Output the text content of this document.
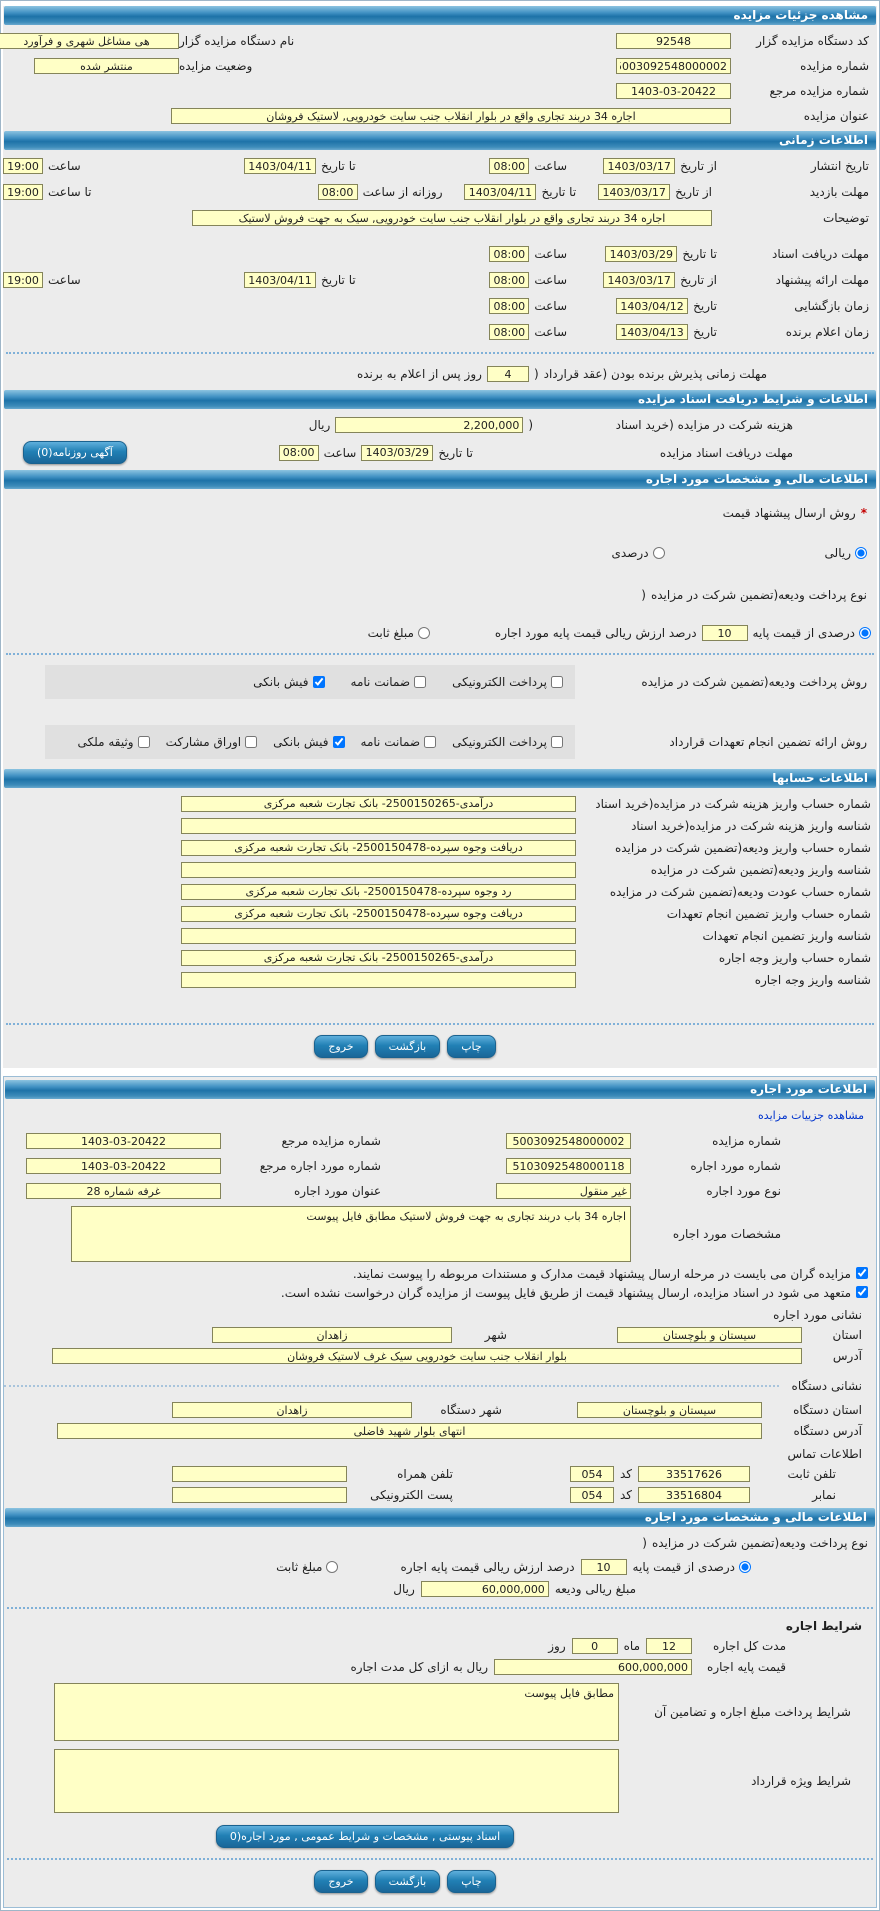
مشاهده جزئیات مزایده
کد دستگاه مزایده گزار
92548
نام دستگاه مزایده گزار
هی مشاغل شهری و فرآورد
شماره مزایده
5003092548000002
وضعیت مزایده
منتشر شده
شماره مزایده مرجع
1403-03-20422
عنوان مزایده
اجاره 34 دربند تجاری واقع در بلوار انقلاب جنب سایت خودرویی, لاستیک فروشان
اطلاعات زمانی
تاریخ انتشار
از تاریخ
1403/03/17
ساعت
08:00
تا تاریخ
1403/04/11
ساعت
19:00
مهلت بازدید
از تاریخ
1403/03/17
تا تاریخ
1403/04/11
روزانه از ساعت
08:00
تا ساعت
19:00
توضیحات
اجاره 34 دربند تجاری واقع در بلوار انقلاب جنب سایت خودرویی, سیک به جهت فروش لاستیک
مهلت دریافت اسناد
تا تاریخ
1403/03/29
ساعت
08:00
مهلت ارائه پیشنهاد
از تاریخ
1403/03/17
ساعت
08:00
تا تاریخ
1403/04/11
ساعت
19:00
زمان بازگشایی
تاریخ
1403/04/12
ساعت
08:00
زمان اعلام برنده
تاریخ
1403/04/13
ساعت
08:00
مهلت زمانی پذیرش برنده بودن (عقد قرارداد
(
4
روز پس از اعلام به برنده
اطلاعات و شرایط دریافت اسناد مزایده
هزینه شرکت در مزایده (خرید اسناد
(
2,200,000
ریال
مهلت دریافت اسناد مزایده
تا تاریخ
1403/03/29
ساعت
08:00
آگهی روزنامه(0)
اطلاعات مالی و مشخصات مورد اجاره
*
روش ارسال پیشنهاد قیمت
ریالی
درصدی
نوع پرداخت ودیعه(تضمین شرکت در مزایده
(
درصدی از قیمت پایه
10
درصد ارزش ریالی قیمت پایه مورد اجاره
مبلغ ثابت
روش پرداخت ودیعه(تضمین شرکت در مزایده
پرداخت الکترونیکی
ضمانت نامه
فیش بانکی
روش ارائه تضمین انجام تعهدات قرارداد
پرداخت الکترونیکی
ضمانت نامه
فیش بانکی
اوراق مشارکت
وثیقه ملکی
اطلاعات حسابها
شماره حساب واریز هزینه شرکت در مزایده(خرید اسناد
درآمدی-2500150265- بانک تجارت شعبه مرکزی
شناسه واریز هزینه شرکت در مزایده(خرید اسناد
شماره حساب واریز ودیعه(تضمین شرکت در مزایده
دریافت وجوه سپرده-2500150478- بانک تجارت شعبه مرکزی
شناسه واریز ودیعه(تضمین شرکت در مزایده
شماره حساب عودت ودیعه(تضمین شرکت در مزایده
رد وجوه سپرده-2500150478- بانک تجارت شعبه مرکزی
شماره حساب واریز تضمین انجام تعهدات
دریافت وجوه سپرده-2500150478- بانک تجارت شعبه مرکزی
شناسه واریز تضمین انجام تعهدات
شماره حساب واریز وجه اجاره
درآمدی-2500150265- بانک تجارت شعبه مرکزی
شناسه واریز وجه اجاره
چاپ
بازگشت
خروج
اطلاعات مورد اجاره
مشاهده جزییات مزایده
شماره مزایده
5003092548000002
شماره مزایده مرجع
1403-03-20422
شماره مورد اجاره
5103092548000118
شماره مورد اجاره مرجع
1403-03-20422
نوع مورد اجاره
غیر منقول
عنوان مورد اجاره
غرفه شماره 28
مشخصات مورد اجاره
اجاره 34 باب دربند تجاری به جهت فروش لاستیک مطابق فایل پیوست
مزایده گران می بایست در مرحله ارسال پیشنهاد قیمت مدارک و مستندات مربوطه را پیوست نمایند.
متعهد می شود در اسناد مزایده، ارسال پیشنهاد قیمت از طریق فایل پیوست از مزایده گران درخواست نشده است.
نشانی مورد اجاره
استان
سیستان و بلوچستان
شهر
زاهدان
آدرس
بلوار انقلاب جنب سایت خودرویی سیک غرف لاستیک فروشان
نشانی دستگاه
استان دستگاه
سیستان و بلوچستان
شهر دستگاه
زاهدان
آدرس دستگاه
انتهای بلوار شهید فاضلی
اطلاعات تماس
تلفن ثابت
33517626
کد
054
تلفن همراه
نمابر
33516804
کد
054
پست الکترونیکی
اطلاعات مالی و مشخصات مورد اجاره
نوع پرداخت ودیعه(تضمین شرکت در مزایده
(
درصدی از قیمت پایه
10
درصد ارزش ریالی قیمت پایه اجاره
مبلغ ثابت
مبلغ ریالی ودیعه
60,000,000
ریال
شرایط اجاره
مدت کل اجاره
12
ماه
0
روز
قیمت پایه اجاره
600,000,000
ریال به ازای کل مدت اجاره
شرایط پرداخت مبلغ اجاره و تضامین آن
مطابق فایل پیوست
شرایط ویژه قرارداد
اسناد پیوستی , مشخصات و شرایط عمومی , مورد اجاره(0
چاپ
بازگشت
خروج
